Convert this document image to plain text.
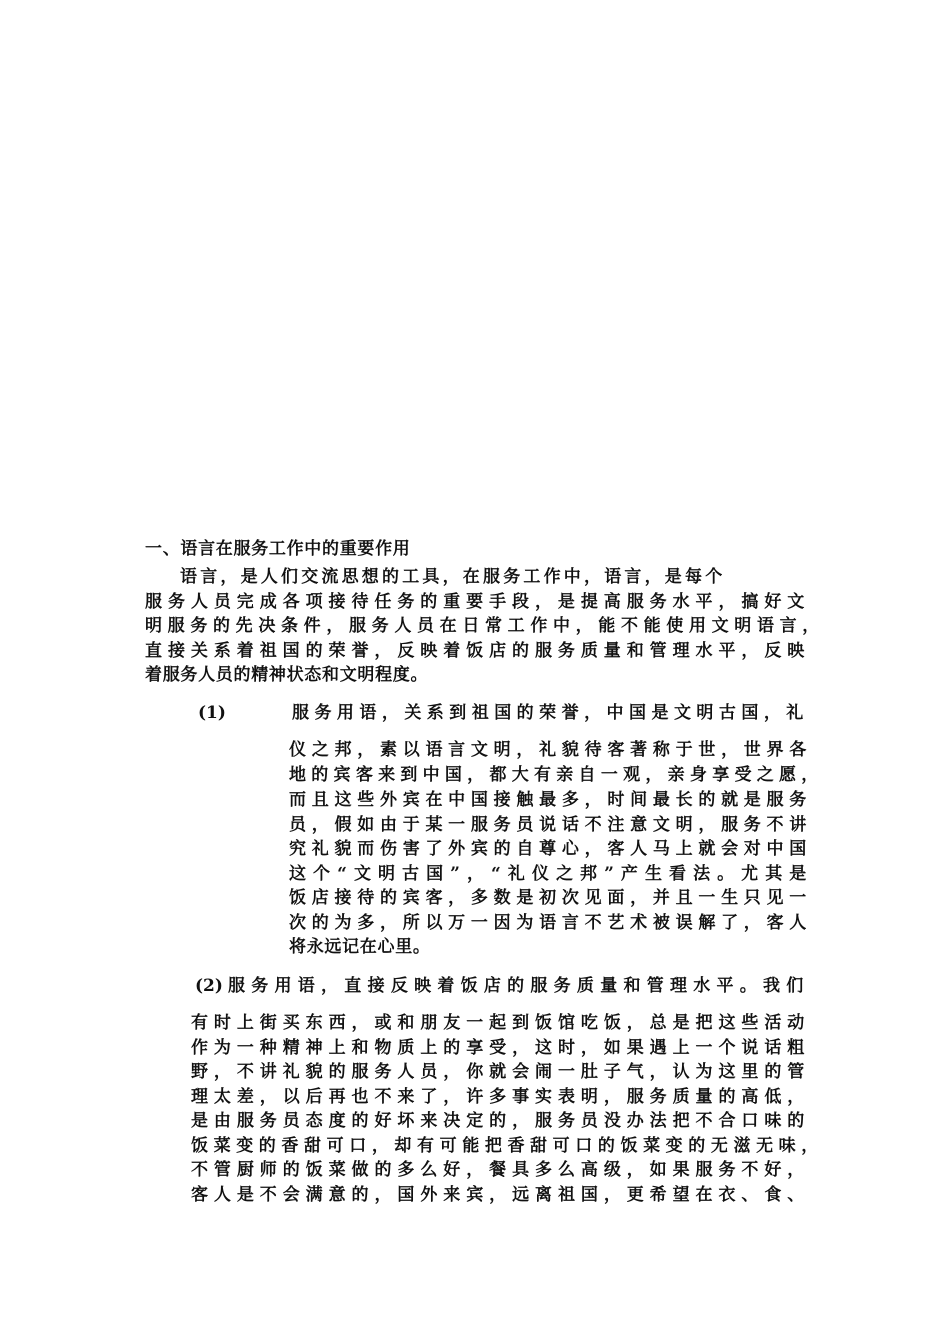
一、语言在服务工作中的重要作用
语言，是人们交流思想的工具，在服务工作中，语言，是每个
服务人员完成各项接待任务的重要手段，是提高服务水平，搞好文
明服务的先决条件，服务人员在日常工作中，能不能使用文明语言，
直接关系着祖国的荣誉，反映着饭店的服务质量和管理水平，反映
着服务人员的精神状态和文明程度。
(1)	服务用语，关系到祖国的荣誉，中国是文明古国，礼
仪之邦，素以语言文明，礼貌待客著称于世，世界各
地的宾客来到中国，都大有亲自一观，亲身享受之愿，
而且这些外宾在中国接触最多，时间最长的就是服务
员，假如由于某一服务员说话不注意文明，服务不讲
究礼貌而伤害了外宾的自尊心，客人马上就会对中国
这个“文明古国”，“礼仪之邦”产生看法。尤其是
饭店接待的宾客，多数是初次见面，并且一生只见一
次的为多，所以万一因为语言不艺术被误解了，客人
将永远记在心里。
(2) 服务用语，直接反映着饭店的服务质量和管理水平。我们
有时上街买东西，或和朋友一起到饭馆吃饭，总是把这些活动
作为一种精神上和物质上的享受，这时，如果遇上一个说话粗
野，不讲礼貌的服务人员，你就会闹一肚子气，认为这里的管
理太差，以后再也不来了，许多事实表明，服务质量的高低，
是由服务员态度的好坏来决定的，服务员没办法把不合口味的
饭菜变的香甜可口，却有可能把香甜可口的饭菜变的无滋无味，
不管厨师的饭菜做的多么好，餐具多么高级，如果服务不好，
客人是不会满意的，国外来宾，远离祖国，更希望在衣、食、
